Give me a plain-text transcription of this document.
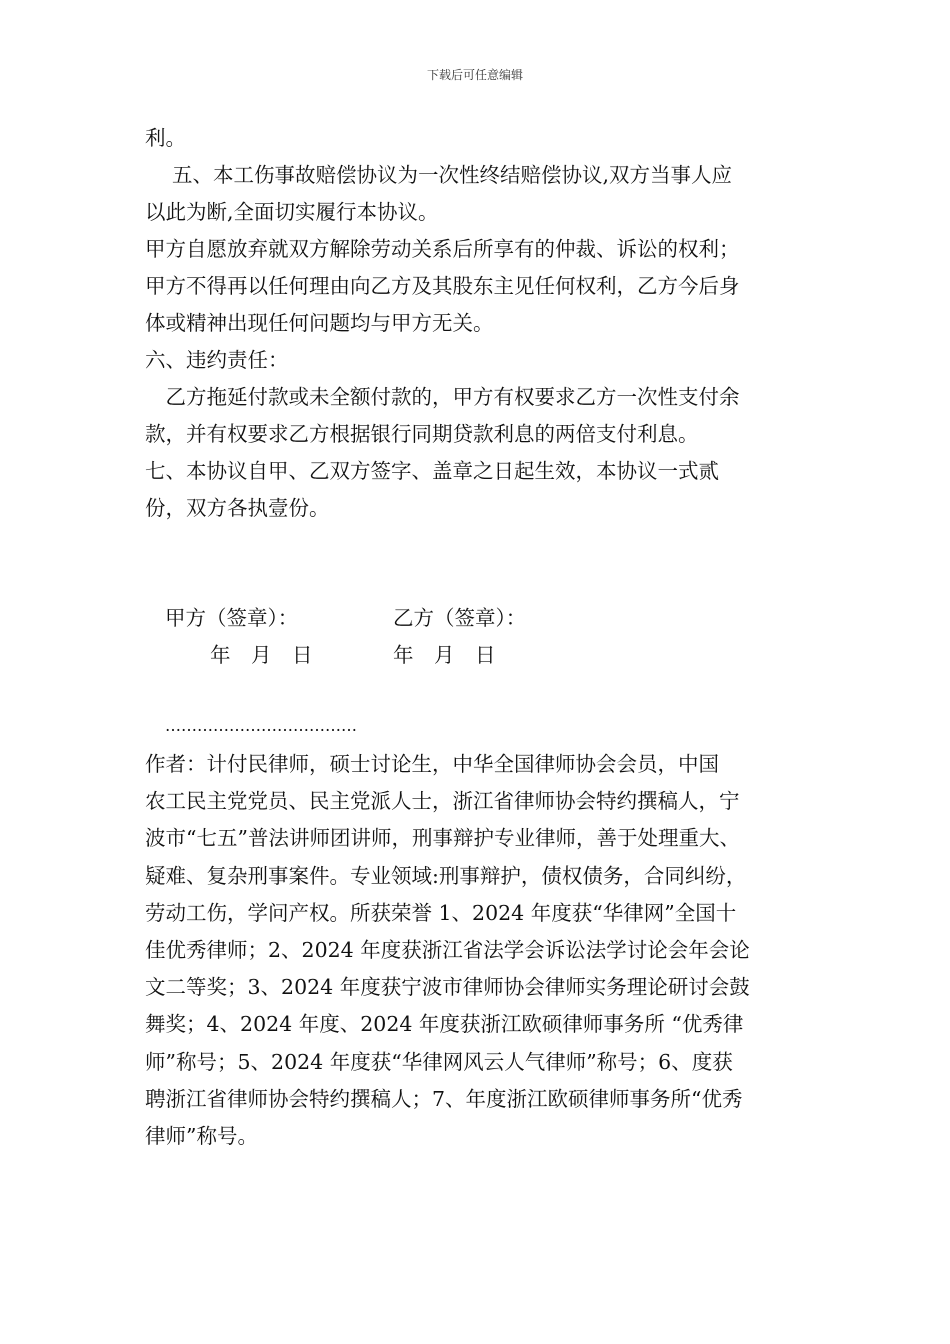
下载后可任意编辑
利。
　 五、本工伤事故赔偿协议为一次性终结赔偿协议,双方当事人应
以此为断,全面切实履行本协议。
甲方自愿放弃就双方解除劳动关系后所享有的仲裁、诉讼的权利；
甲方不得再以任何理由向乙方及其股东主见任何权利，乙方今后身
体或精神出现任何问题均与甲方无关。
六、违约责任：
　乙方拖延付款或未全额付款的，甲方有权要求乙方一次性支付余
款，并有权要求乙方根据银行同期贷款利息的两倍支付利息。
七、本协议自甲、乙双方签字、盖章之日起生效，本协议一式贰
份，双方各执壹份。
甲方（签章）：	乙方（签章）：
年　月　日	年　月　日
………………………………
作者：计付民律师，硕士讨论生，中华全国律师协会会员，中国
农工民主党党员、民主党派人士，浙江省律师协会特约撰稿人，宁
波市“七五”普法讲师团讲师，刑事辩护专业律师，善于处理重大、
疑难、复杂刑事案件。专业领域:刑事辩护，债权债务，合同纠纷，
劳动工伤，学问产权。所获荣誉 1、2024 年度获“华律网”全国十
佳优秀律师；2、2024 年度获浙江省法学会诉讼法学讨论会年会论
文二等奖；3、2024 年度获宁波市律师协会律师实务理论研讨会鼓
舞奖；4、2024 年度、2024 年度获浙江欧硕律师事务所 “优秀律
师”称号；5、2024 年度获“华律网风云人气律师”称号；6、度获
聘浙江省律师协会特约撰稿人；7、年度浙江欧硕律师事务所“优秀
律师”称号。
